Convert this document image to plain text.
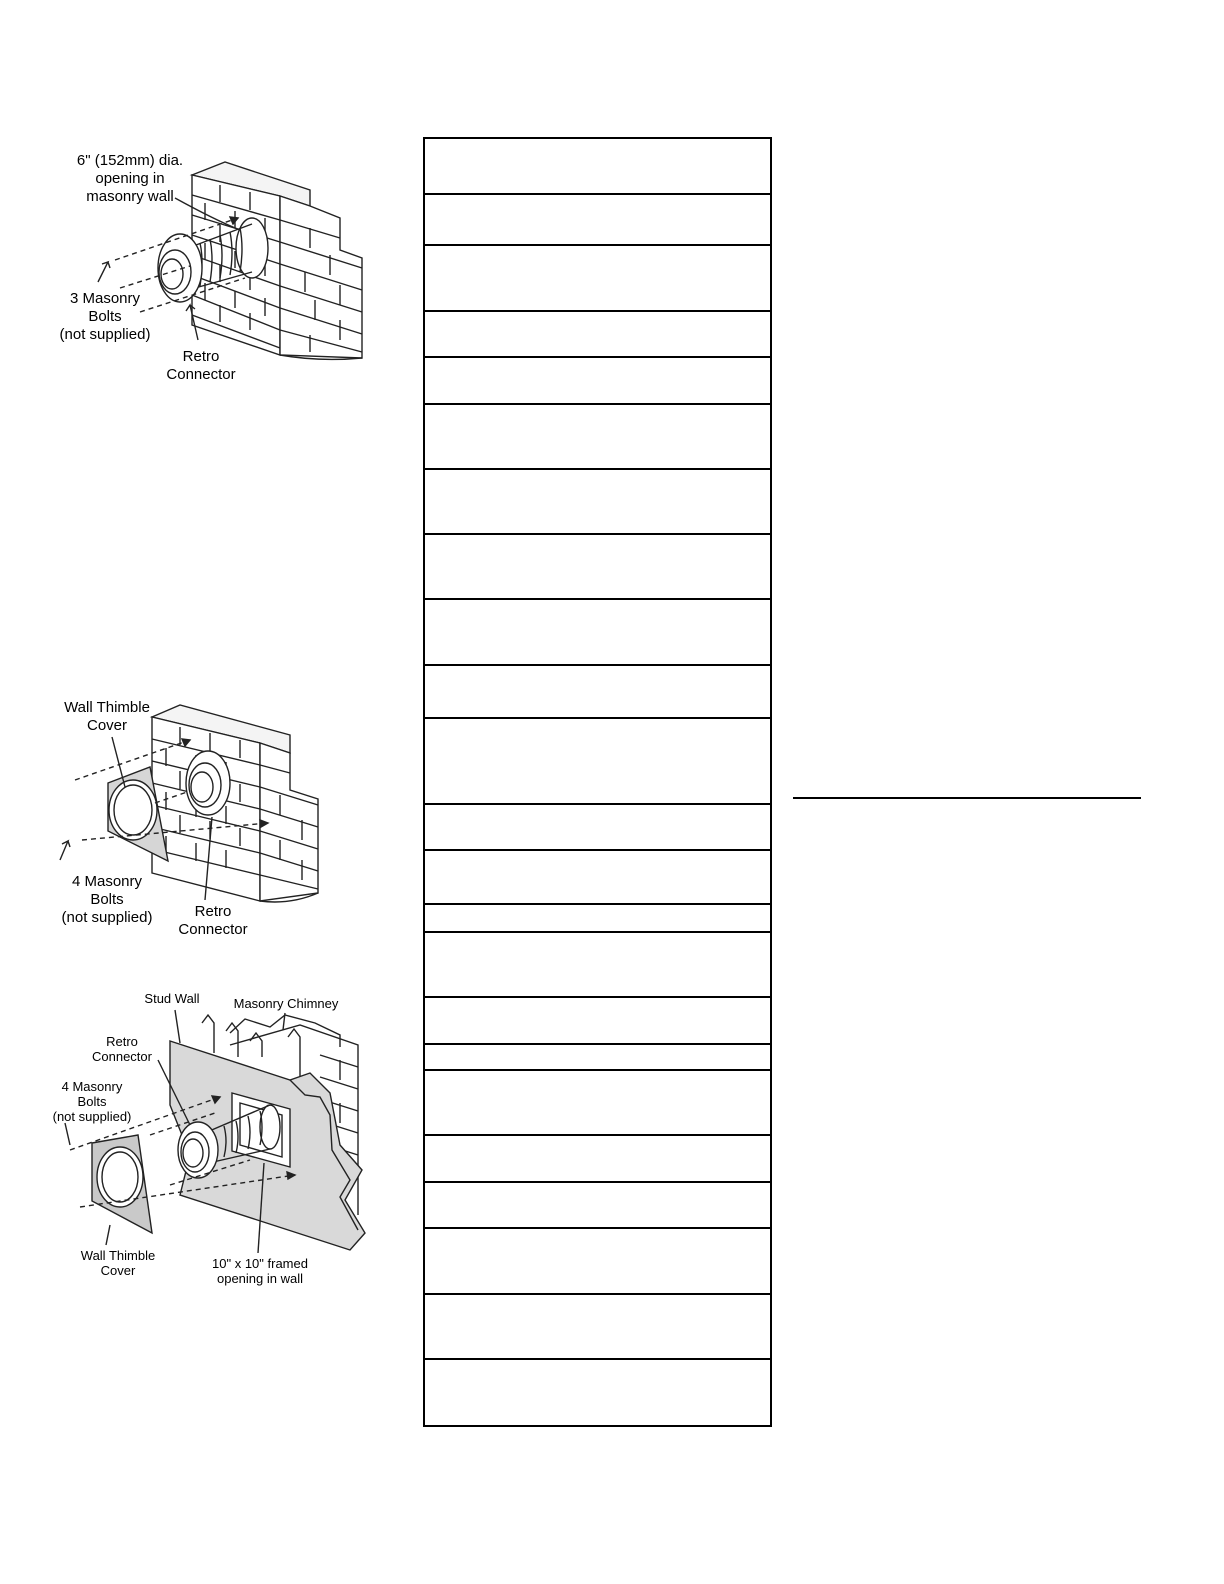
6" (152mm) dia.
opening in
masonry wall
3 Masonry
Bolts
(not supplied)
Retro
Connector
Wall Thimble
Cover
4 Masonry
Bolts
(not supplied)	Retro
Connector
Stud Wall	Masonry Chimney
Retro
Connector
4 Masonry
Bolts
(not supplied)
Wall Thimble
Cover	10" x 10" framed
opening in wall
